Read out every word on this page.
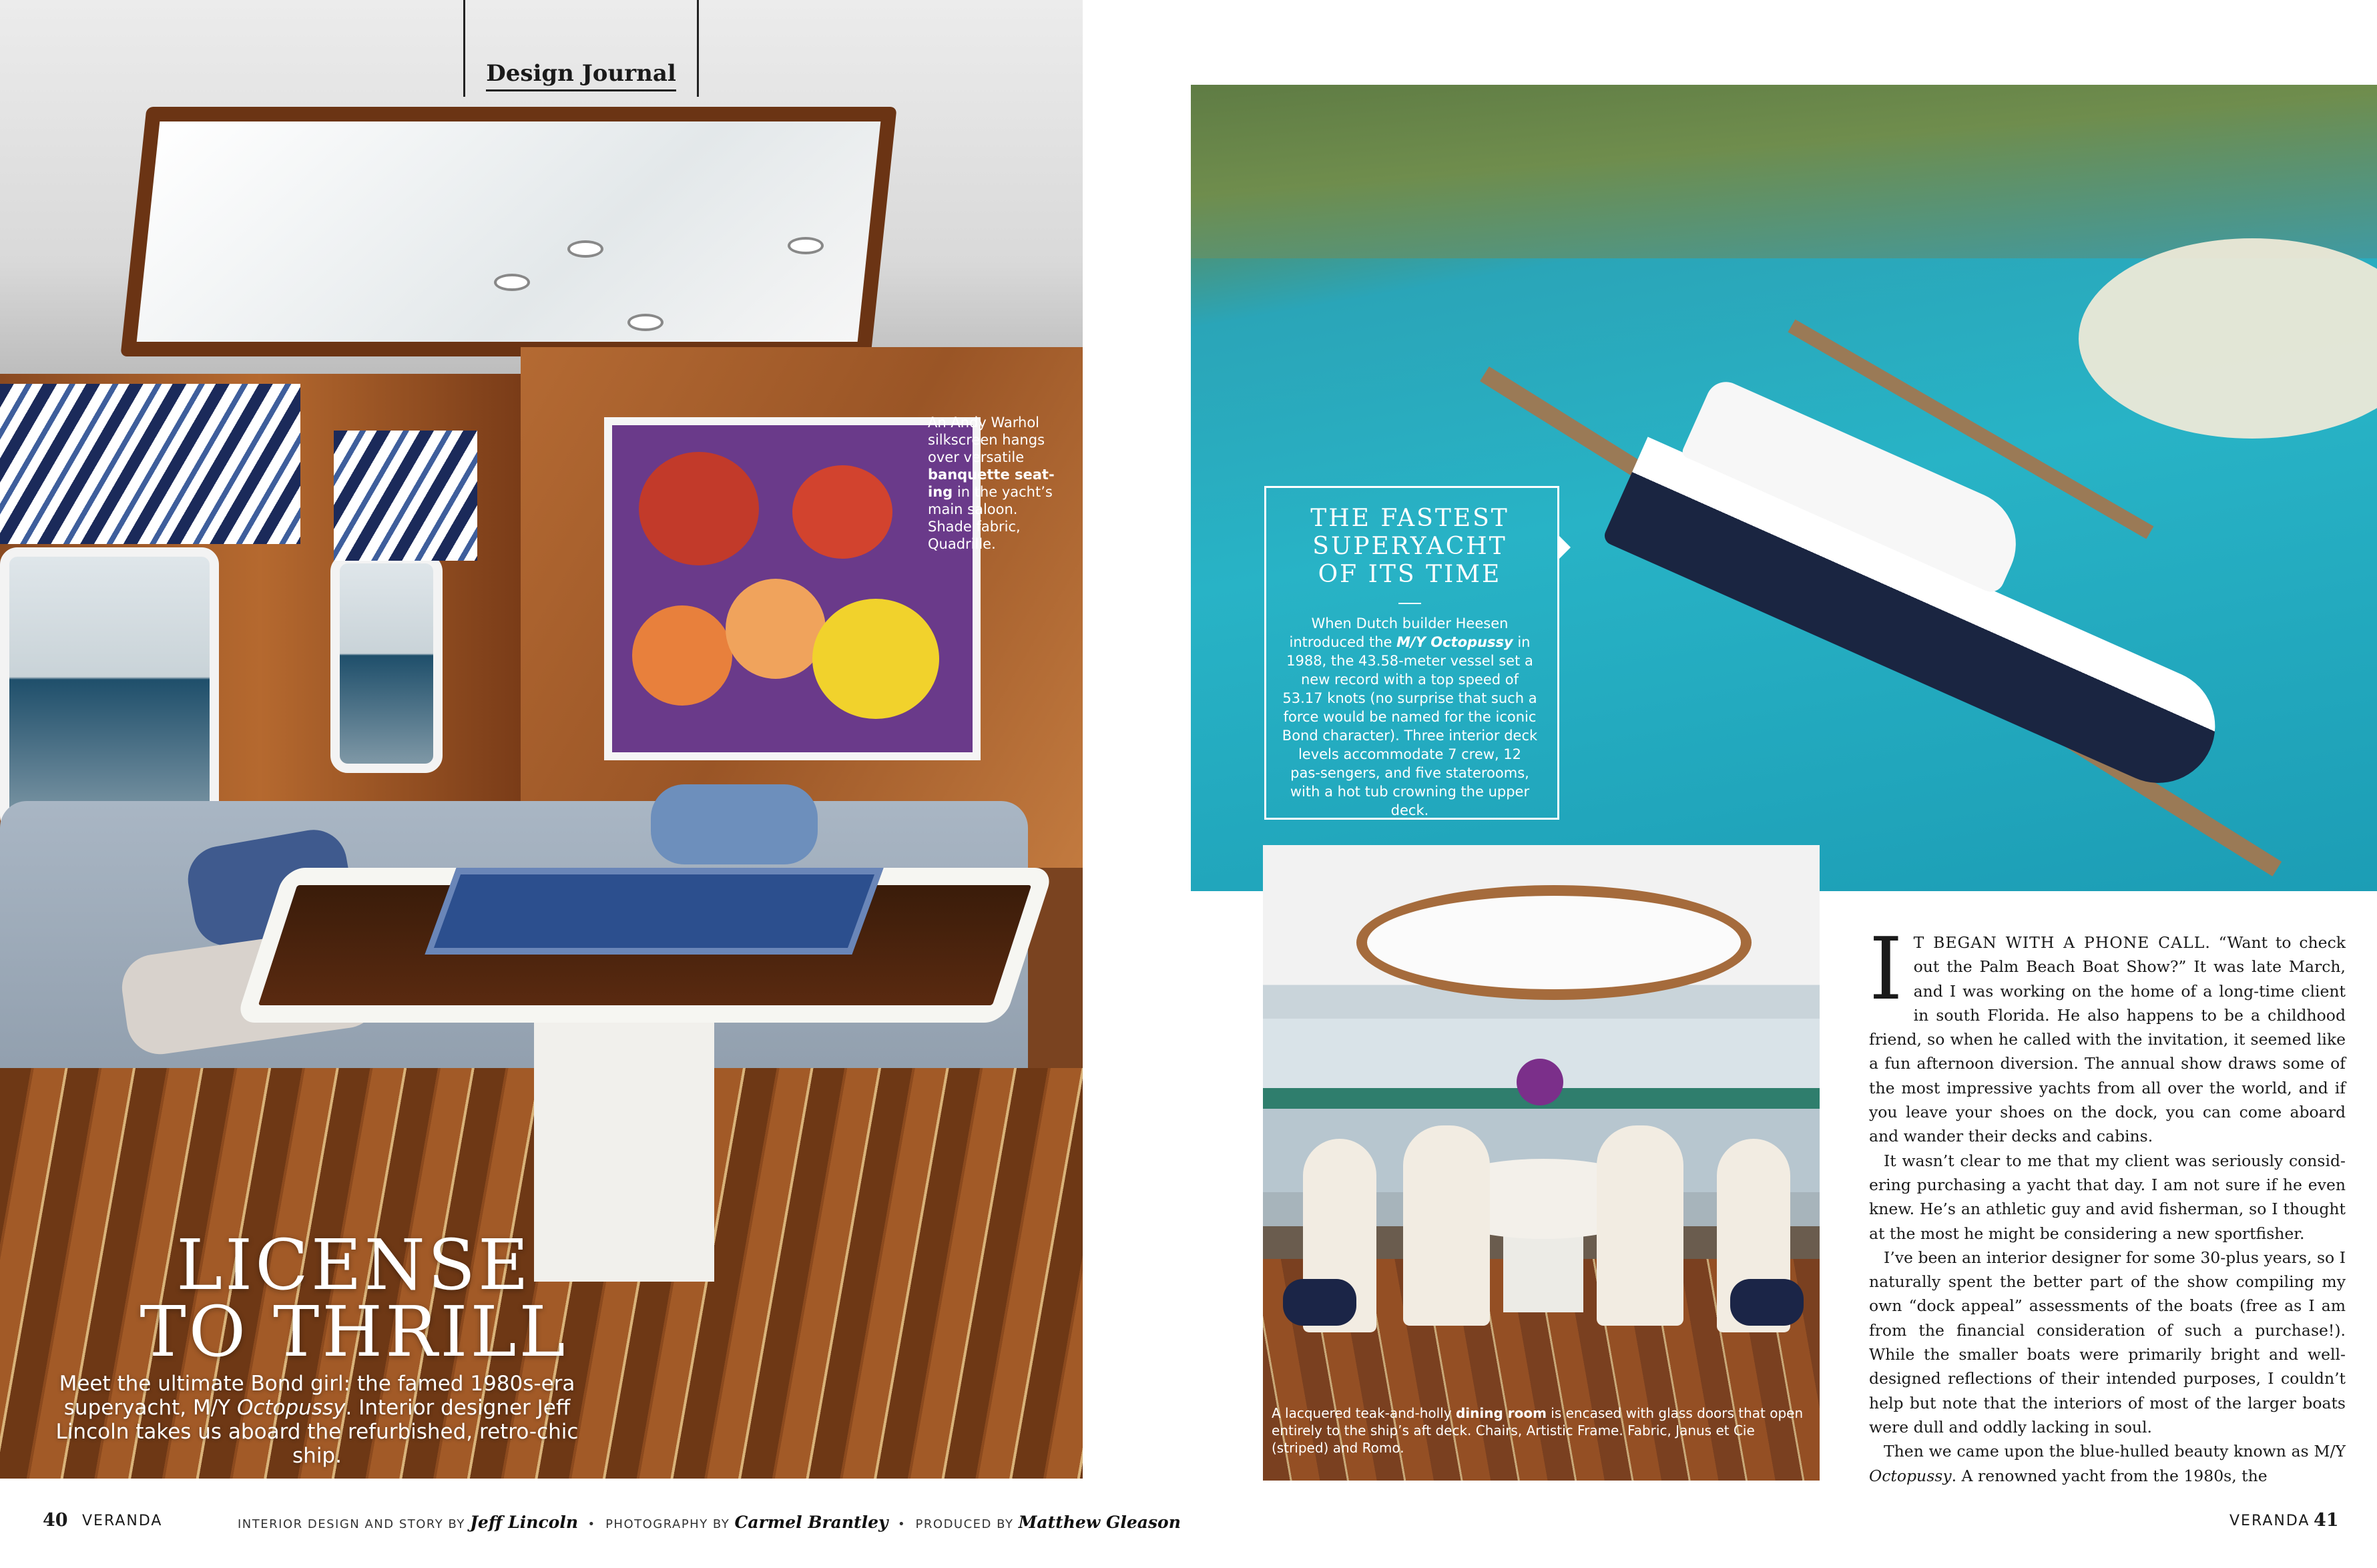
Design Journal
An Andy Warhol silkscreen hangs over versatile banquette seat-ing in the yacht’s main saloon. Shade fabric, Quadrille.
LICENSE
TO THRILL
Meet the ultimate Bond girl: the famed 1980s-era superyacht, M/Y Octopussy. Interior designer Jeff Lincoln takes us aboard the refurbished, retro-chic ship.
40 VERANDA	INTERIOR DESIGN AND STORY BY Jeff Lincoln • PHOTOGRAPHY BY Carmel Brantley • PRODUCED BY Matthew Gleason	VERANDA 41
THE FASTEST
SUPERYACHT
OF ITS TIME
When Dutch builder Heesen introduced the M/Y Octopussy in 1988, the 43.58-meter vessel set a new record with a top speed of 53.17 knots (no surprise that such a force would be named for the iconic Bond character). Three interior deck levels accommodate 7 crew, 12 pas-sengers, and five staterooms, with a hot tub crowning the upper deck.
A lacquered teak-and-holly dining room is encased with glass doors that open entirely to the ship’s aft deck. Chairs, Artistic Frame. Fabric, Janus et Cie (striped) and Romo.

I T BEGAN WITH A PHONE CALL. “Want to check out the Palm Beach Boat Show?” It was late March, and I was working on the home of a long-time client in south Florida. He also happens to be a childhood friend, so when he called with the invitation, it seemed like a fun afternoon diversion. The annual show draws some of the most impressive yachts from all over the world, and if you leave your shoes on the dock, you can come aboard and wander their decks and cabins.

It wasn’t clear to me that my client was seriously consid-ering purchasing a yacht that day. I am not sure if he even knew. He’s an athletic guy and avid fisherman, so I thought at the most he might be considering a new sportfisher.

I’ve been an interior designer for some 30-plus years, so I naturally spent the better part of the show compiling my own “dock appeal” assessments of the boats (free as I am from the financial consideration of such a purchase!). While the smaller boats were primarily bright and well-designed reflections of their intended purposes, I couldn’t help but note that the interiors of most of the larger boats were dull and oddly lacking in soul.

Then we came upon the blue-hulled beauty known as M/Y Octopussy. A renowned yacht from the 1980s, the
